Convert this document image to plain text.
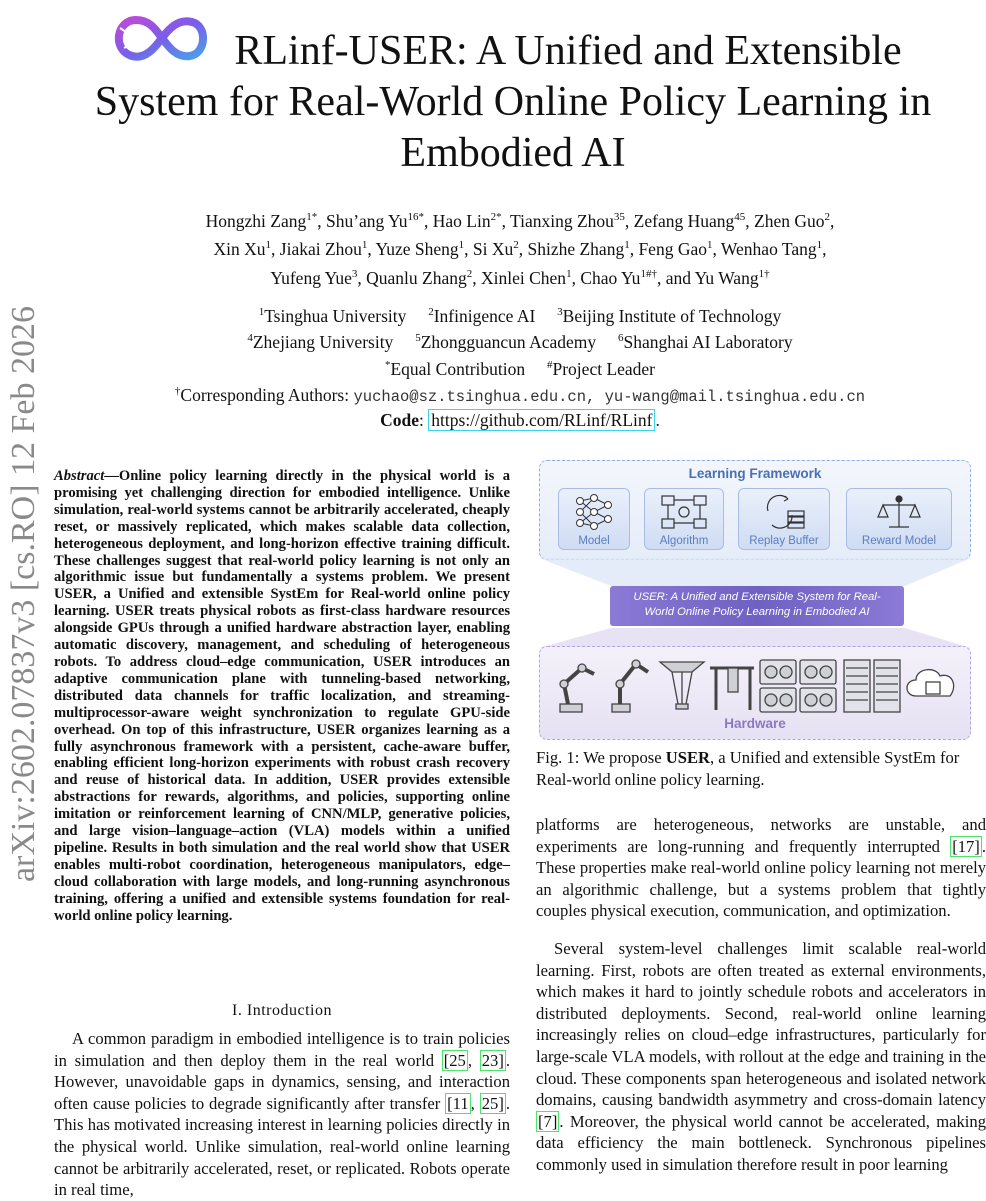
arXiv:2602.07837v3 [cs.RO] 12 Feb 2026
RLinf-USER: A Unified and Extensible
System for Real-World Online Policy Learning in
Embodied AI
Hongzhi Zang$^{1*}$, Shu’ang $Yu^{16*}$, Hao Lin$^{2*}$, Tianxing Zhou$^{35}$, Zefang Huang$^{45}$, Zhen Guo$^2$,
Xin Xu$^1$, Jiakai Zhou$^1$, Yuze Sheng$^1$, Si Xu$^2$, Shizhe Zhang$^1$, Feng Gao$^1$, Wenhao Tang$^1$,
Yufeng Yue$^3$, Quanlu Zhang$^2$, Xinlei Chen$^1$, Chao $Yu^{1\#\dagger}$, and Yu Wang$^{1\dagger}$
$^1$Tsinghua University $^2$Infinigence AI $^3$Beijing Institute of Technology
$^4$Zhejiang University $^5$Zhongguancun Academy $^6$Shanghai AI Laboratory
*Equal Contribution #Project Leader
†Corresponding Authors: yuchao@sz.tsinghua.edu.cn, yu-wang@mail.tsinghua.edu.cn
Code: https://github.com/RLinf/RLinf .
Abstract—Online policy learning directly in the physical world is a promising yet challenging direction for embodied intelligence. Unlike simulation, real-world systems cannot be arbitrarily accelerated, cheaply reset, or massively replicated, which makes scalable data collection, heterogeneous deployment, and long-horizon effective training difficult. These challenges suggest that real-world policy learning is not only an algorithmic issue but fundamentally a systems problem. We present USER, a Unified and extensible SystEm for Real-world online policy learning. USER treats physical robots as first-class hardware resources alongside GPUs through a unified hardware abstraction layer, enabling automatic discovery, management, and scheduling of heterogeneous robots. To address cloud–edge communication, USER introduces an adaptive communication plane with tunneling-based networking, distributed data channels for traffic localization, and streaming-multiprocessor-aware weight synchronization to regulate GPU-side overhead. On top of this infrastructure, USER organizes learning as a fully asynchronous framework with a persistent, cache-aware buffer, enabling efficient long-horizon experiments with robust crash recovery and reuse of historical data. In addition, USER provides extensible abstractions for rewards, algorithms, and policies, supporting online imitation or reinforcement learning of CNN/MLP, generative policies, and large vision–language–action (VLA) models within a unified pipeline. Results in both simulation and the real world show that USER enables multi-robot coordination, heterogeneous manipulators, edge–cloud collaboration with large models, and long-running asynchronous training, offering a unified and extensible systems foundation for real-world online policy learning.
I. Introduction

A common paradigm in embodied intelligence is to train policies in simulation and then deploy them in the real world [25 , 23] . However, unavoidable gaps in dynamics, sensing, and interaction often cause policies to degrade significantly after transfer [11 , 25] . This has motivated increasing interest in learning policies directly in the physical world. Unlike simulation, real-world online learning cannot be arbitrarily accelerated, reset, or replicated. Robots operate in real time,

Learning Framework
Model	Algorithm	Replay Buffer	Reward Model
USER: A Unified and Extensible System for Real-
World Online Policy Learning in Embodied AI
Hardware
Fig. 1: We propose USER, a Unified and extensible SystEm for Real-world online policy learning.

platforms are heterogeneous, networks are unstable, and experiments are long-running and frequently interrupted [17] . These properties make real-world online policy learning not merely an algorithmic challenge, but a systems problem that tightly couples physical execution, communication, and optimization.

Several system-level challenges limit scalable real-world learning. First, robots are often treated as external environments, which makes it hard to jointly schedule robots and accelerators in distributed deployments. Second, real-world online learning increasingly relies on cloud–edge infrastructures, particularly for large-scale VLA models, with rollout at the edge and training in the cloud. These components span heterogeneous and isolated network domains, causing bandwidth asymmetry and cross-domain latency [7] . Moreover, the physical world cannot be accelerated, making data efficiency the main bottleneck. Synchronous pipelines commonly used in simulation therefore result in poor learning
